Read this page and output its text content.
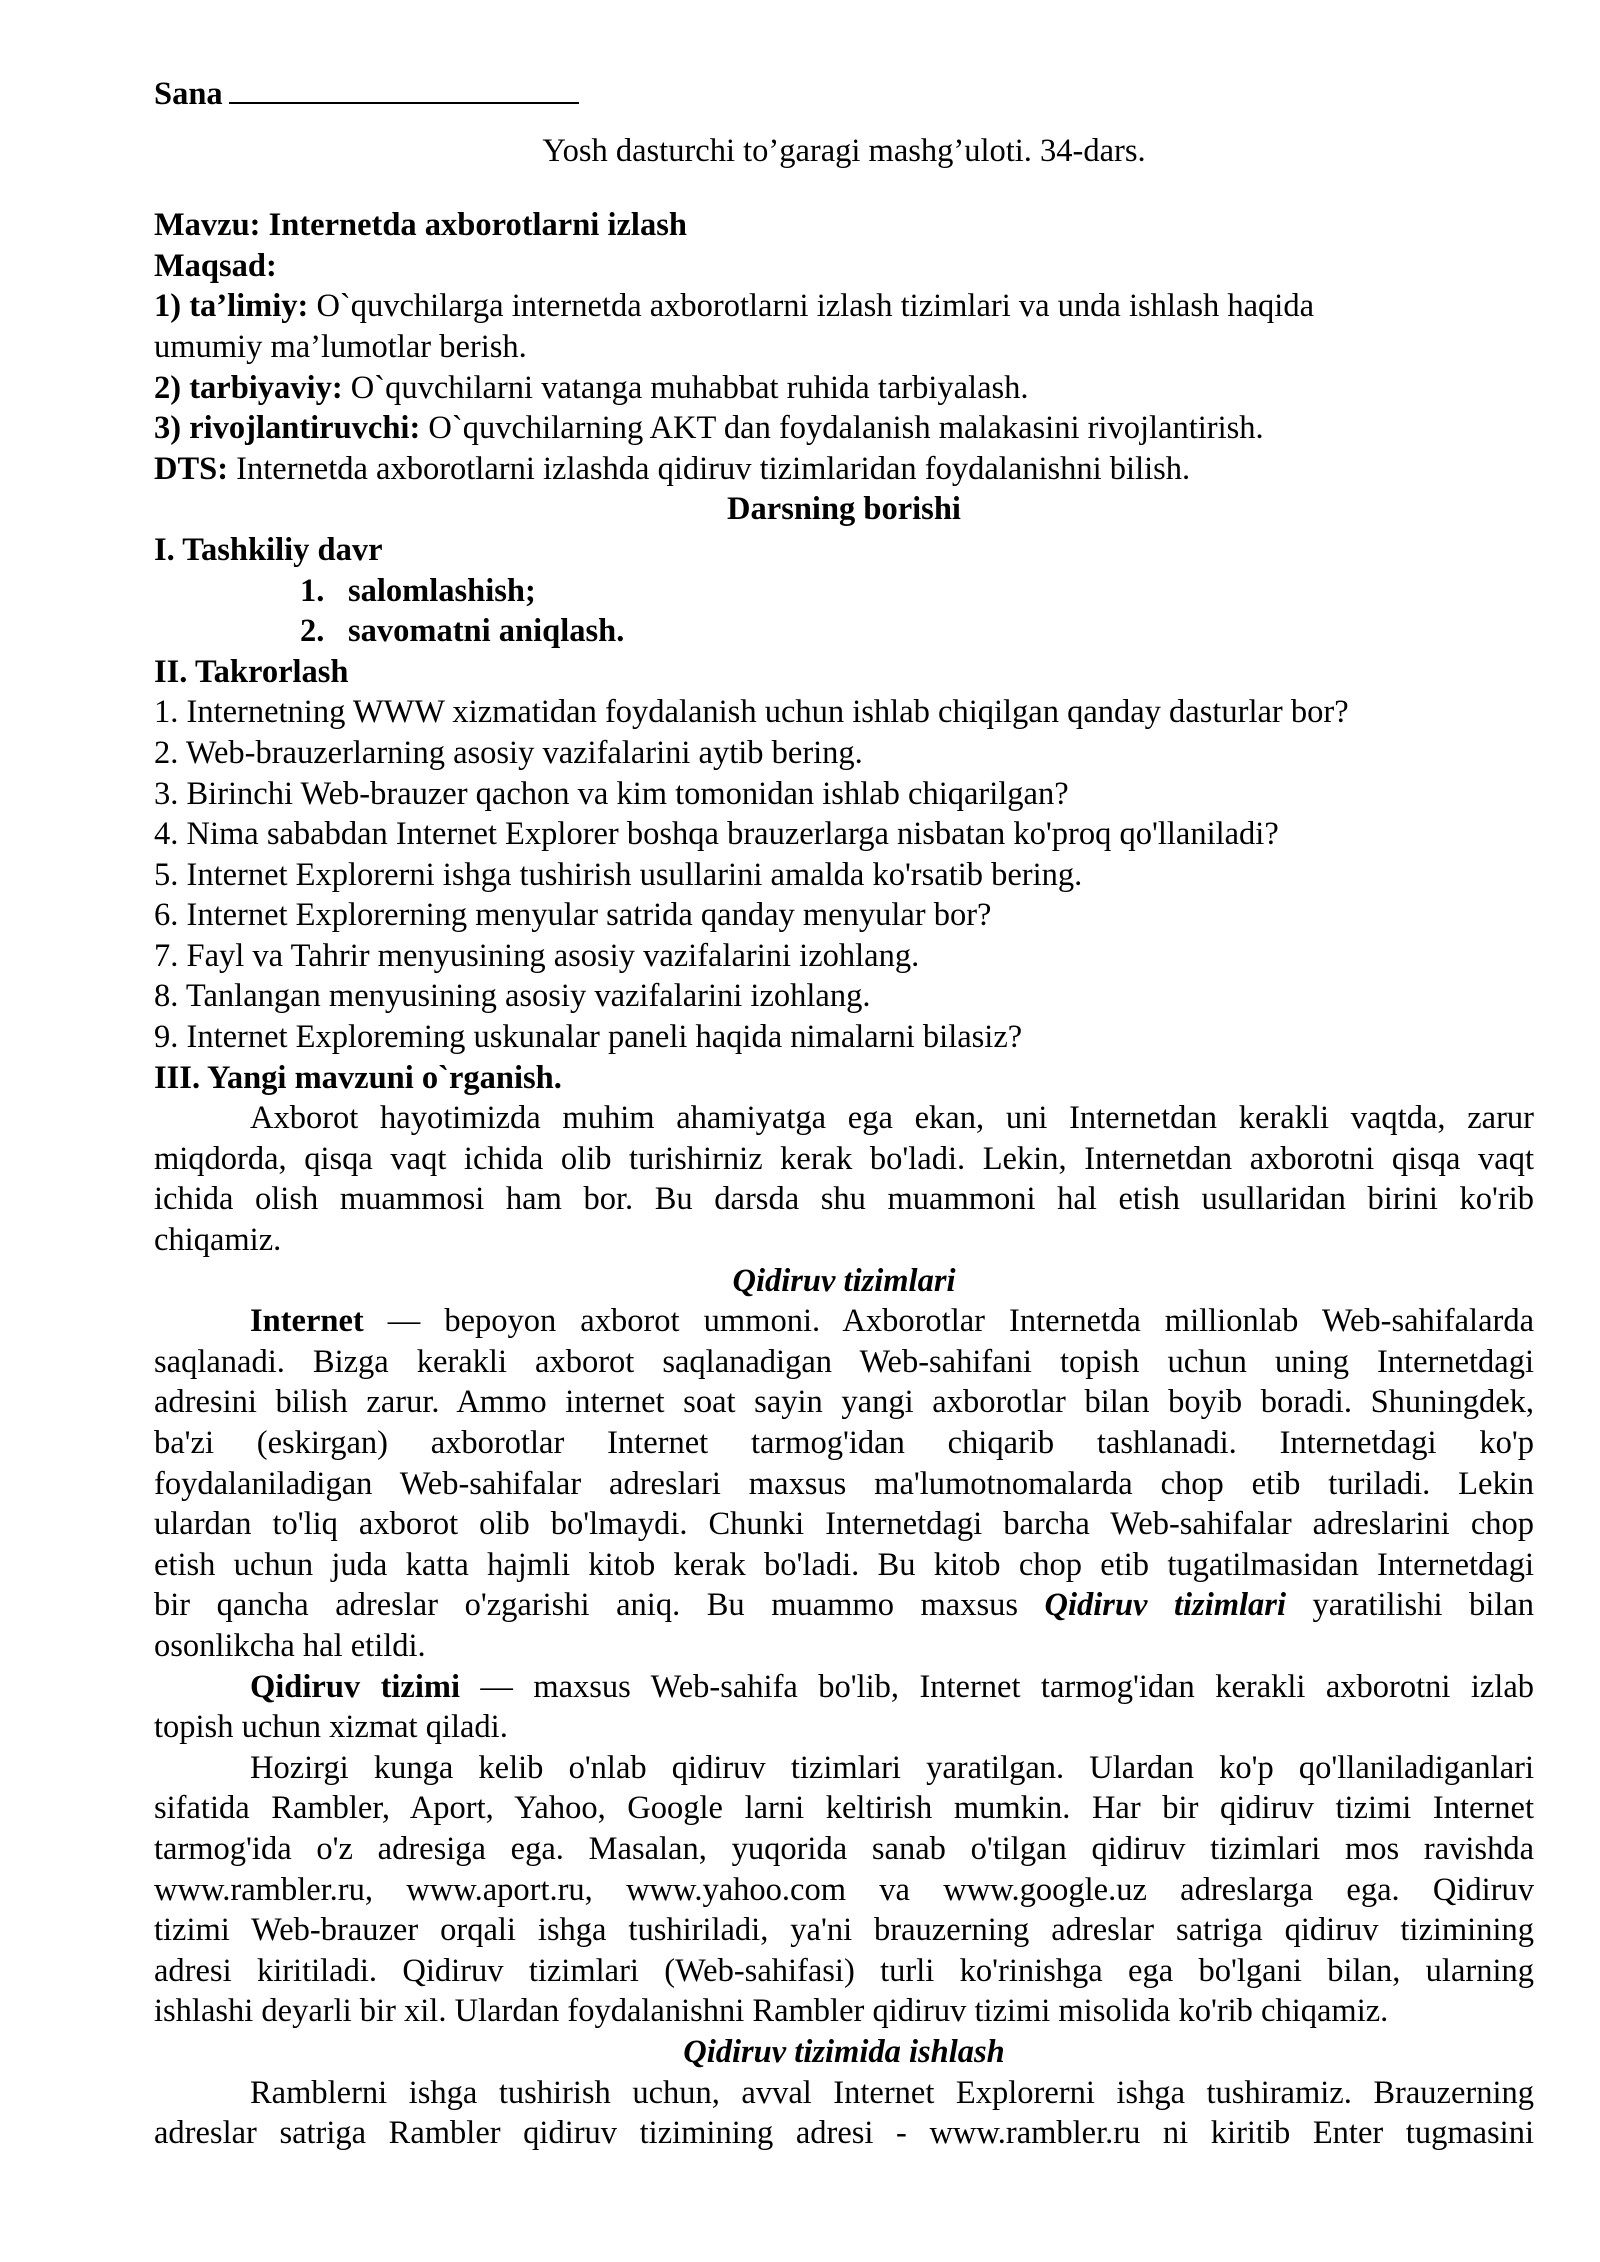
Sana
Yosh dasturchi to’garagi mashg’uloti. 34-dars.
Mavzu: Internetda axborotlarni izlash
Maqsad:
1) ta’limiy: O`quvchilarga internetda axborotlarni izlash tizimlari va unda ishlash haqida
umumiy ma’lumotlar berish.
2) tarbiyaviy: O`quvchilarni vatanga muhabbat ruhida tarbiyalash.
3) rivojlantiruvchi: O`quvchilarning AKT dan foydalanish malakasini rivojlantirish.
DTS: Internetda axborotlarni izlashda qidiruv tizimlaridan foydalanishni bilish.
Darsning borishi
I. Tashkiliy davr
1. salomlashish;
2. savomatni aniqlash.
II. Takrorlash
1. Internetning WWW xizmatidan foydalanish uchun ishlab chiqilgan qanday dasturlar bor?
2. Web-brauzerlarning asosiy vazifalarini aytib bering.
3. Birinchi Web-brauzer qachon va kim tomonidan ishlab chiqarilgan?
4. Nima sababdan Internet Explorer boshqa brauzerlarga nisbatan ko'proq qo'llaniladi?
5. Internet Explorerni ishga tushirish usullarini amalda ko'rsatib bering.
6. Internet Explorerning menyular satrida qanday menyular bor?
7. Fayl va Tahrir menyusining asosiy vazifalarini izohlang.
8. Tanlangan menyusining asosiy vazifalarini izohlang.
9. Internet Exploreming uskunalar paneli haqida nimalarni bilasiz?
III. Yangi mavzuni o`rganish.
Axborot hayotimizda muhim ahamiyatga ega ekan, uni Internetdan kerakli vaqtda, zarur
miqdorda, qisqa vaqt ichida olib turishirniz kerak bo'ladi. Lekin, Internetdan axborotni qisqa vaqt
ichida olish muammosi ham bor. Bu darsda shu muammoni hal etish usullaridan birini ko'rib
chiqamiz.
Qidiruv tizimlari
Internet — bepoyon axborot ummoni. Axborotlar Internetda millionlab Web-sahifalarda
saqlanadi. Bizga kerakli axborot saqlanadigan Web-sahifani topish uchun uning Internetdagi
adresini bilish zarur. Ammo internet soat sayin yangi axborotlar bilan boyib boradi. Shuningdek,
ba'zi (eskirgan) axborotlar Internet tarmog'idan chiqarib tashlanadi. Internetdagi ko'p
foydalaniladigan Web-sahifalar adreslari maxsus ma'lumotnomalarda chop etib turiladi. Lekin
ulardan to'liq axborot olib bo'lmaydi. Chunki Internetdagi barcha Web-sahifalar adreslarini chop
etish uchun juda katta hajmli kitob kerak bo'ladi. Bu kitob chop etib tugatilmasidan Internetdagi
bir qancha adreslar o'zgarishi aniq. Bu muammo maxsus Qidiruv tizimlari yaratilishi bilan
osonlikcha hal etildi.
Qidiruv tizimi — maxsus Web-sahifa bo'lib, Internet tarmog'idan kerakli axborotni izlab
topish uchun xizmat qiladi.
Hozirgi kunga kelib o'nlab qidiruv tizimlari yaratilgan. Ulardan ko'p qo'llaniladiganlari
sifatida Rambler, Aport, Yahoo, Google larni keltirish mumkin. Har bir qidiruv tizimi Internet
tarmog'ida o'z adresiga ega. Masalan, yuqorida sanab o'tilgan qidiruv tizimlari mos ravishda
www.rambler.ru, www.aport.ru, www.yahoo.com va www.google.uz adreslarga ega. Qidiruv
tizimi Web-brauzer orqali ishga tushiriladi, ya'ni brauzerning adreslar satriga qidiruv tizimining
adresi kiritiladi. Qidiruv tizimlari (Web-sahifasi) turli ko'rinishga ega bo'lgani bilan, ularning
ishlashi deyarli bir xil. Ulardan foydalanishni Rambler qidiruv tizimi misolida ko'rib chiqamiz.
Qidiruv tizimida ishlash
Ramblerni ishga tushirish uchun, avval Internet Explorerni ishga tushiramiz. Brauzerning
adreslar satriga Rambler qidiruv tizimining adresi - www.rambler.ru ni kiritib Enter tugmasini
